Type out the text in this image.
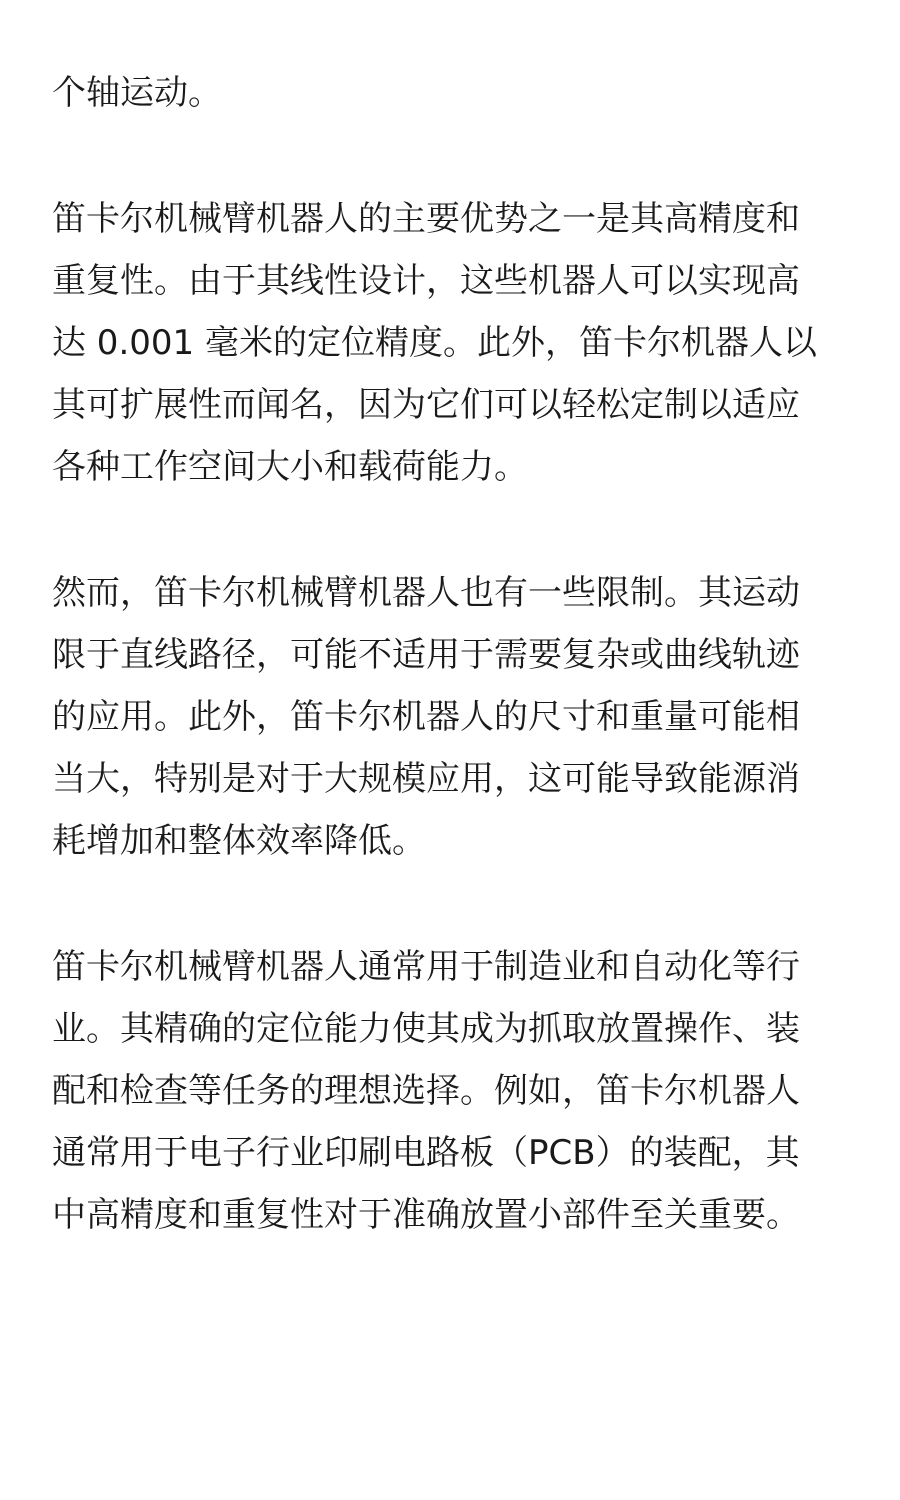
个轴运动。
笛卡尔机械臂机器人的主要优势之一是其高精度和
重复性。由于其线性设计，这些机器人可以实现高
达 0.001 毫米的定位精度。此外，笛卡尔机器人以
其可扩展性而闻名，因为它们可以轻松定制以适应
各种工作空间大小和载荷能力。
然而，笛卡尔机械臂机器人也有一些限制。其运动
限于直线路径，可能不适用于需要复杂或曲线轨迹
的应用。此外，笛卡尔机器人的尺寸和重量可能相
当大，特别是对于大规模应用，这可能导致能源消
耗增加和整体效率降低。
笛卡尔机械臂机器人通常用于制造业和自动化等行
业。其精确的定位能力使其成为抓取放置操作、装
配和检查等任务的理想选择。例如，笛卡尔机器人
通常用于电子行业印刷电路板（PCB）的装配，其
中高精度和重复性对于准确放置小部件至关重要。
